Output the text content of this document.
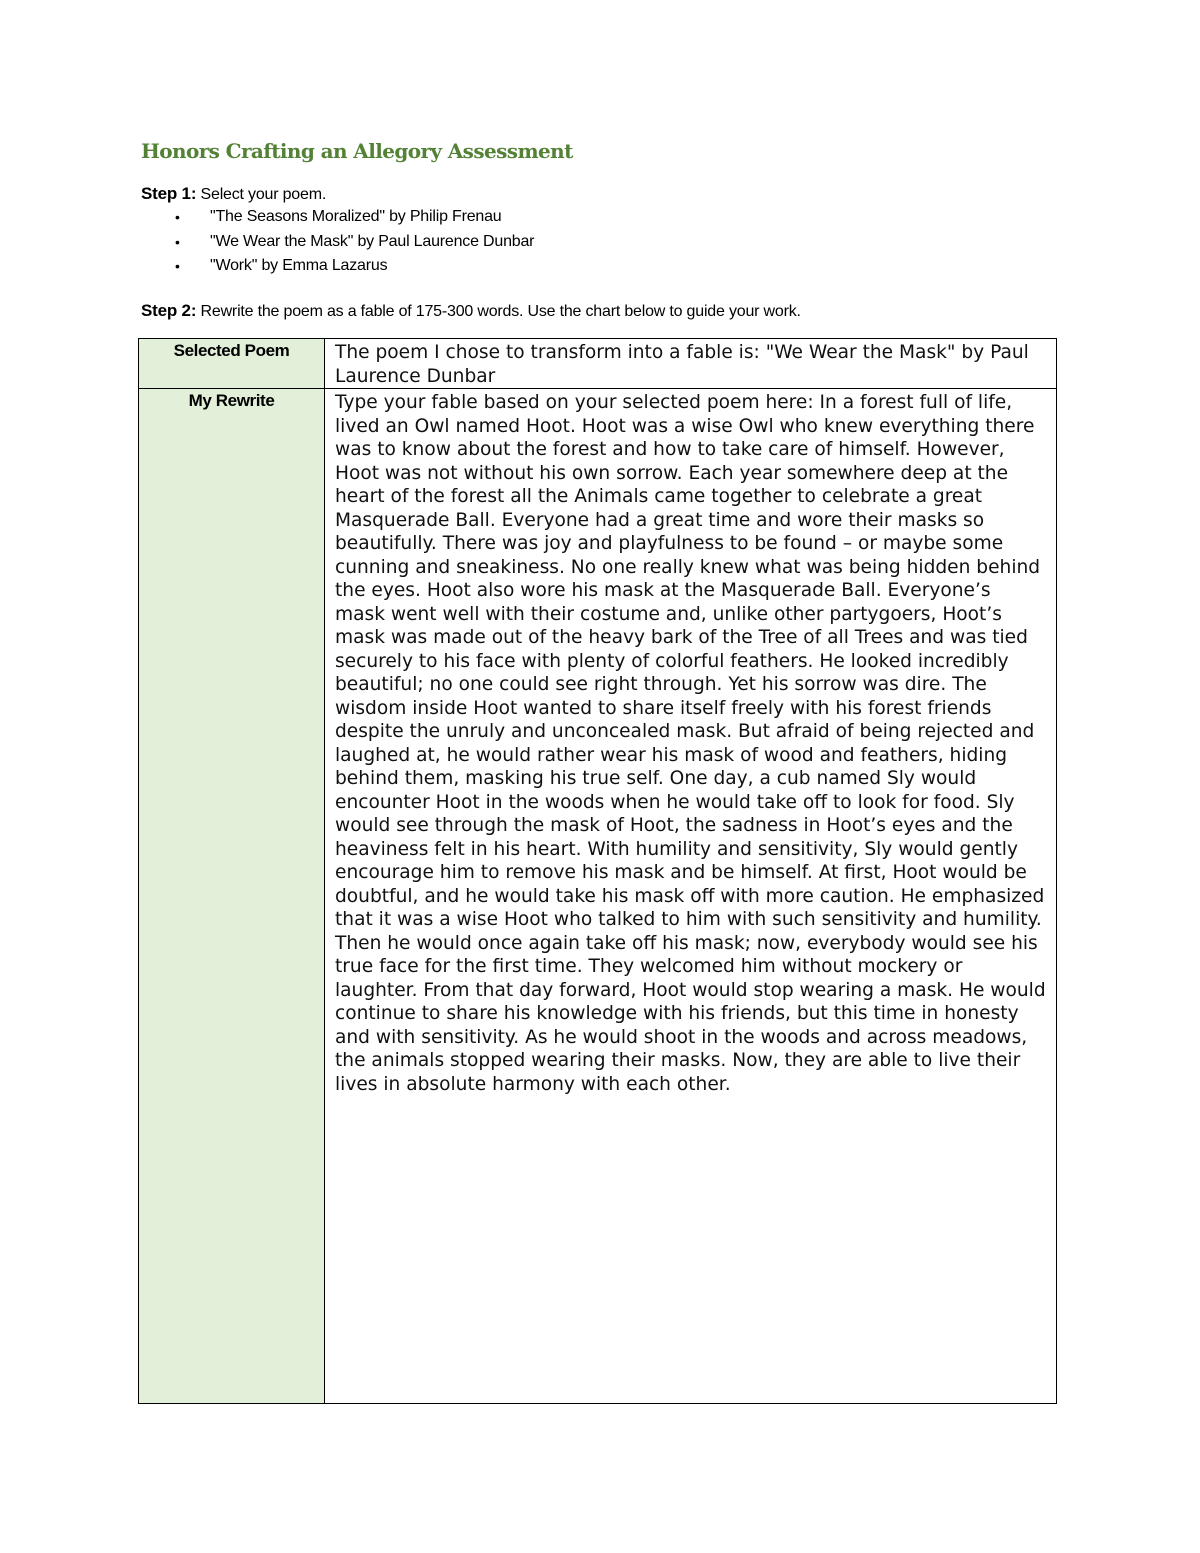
Honors Crafting an Allegory Assessment
Step 1: Select your poem.
• "The Seasons Moralized" by Philip Frenau
• "We Wear the Mask" by Paul Laurence Dunbar
• "Work" by Emma Lazarus
Step 2: Rewrite the poem as a fable of 175-300 words. Use the chart below to guide your work.
Selected Poem	The poem I chose to transform into a fable is: "We Wear the Mask" by Paul Laurence Dunbar
My Rewrite	Type your fable based on your selected poem here: In a forest full of life, lived an Owl named Hoot. Hoot was a wise Owl who knew everything there was to know about the forest and how to take care of himself. However, Hoot was not without his own sorrow. Each year somewhere deep at the heart of the forest all the Animals came together to celebrate a great Masquerade Ball. Everyone had a great time and wore their masks so beautifully. There was joy and playfulness to be found – or maybe some cunning and sneakiness. No one really knew what was being hidden behind the eyes. Hoot also wore his mask at the Masquerade Ball. Everyone’s mask went well with their costume and, unlike other partygoers, Hoot’s mask was made out of the heavy bark of the Tree of all Trees and was tied securely to his face with plenty of colorful feathers. He looked incredibly beautiful; no one could see right through. Yet his sorrow was dire. The wisdom inside Hoot wanted to share itself freely with his forest friends despite the unruly and unconcealed mask. But afraid of being rejected and laughed at, he would rather wear his mask of wood and feathers, hiding behind them, masking his true self. One day, a cub named Sly would encounter Hoot in the woods when he would take off to look for food. Sly would see through the mask of Hoot, the sadness in Hoot’s eyes and the heaviness felt in his heart. With humility and sensitivity, Sly would gently encourage him to remove his mask and be himself. At first, Hoot would be doubtful, and he would take his mask off with more caution. He emphasized that it was a wise Hoot who talked to him with such sensitivity and humility. Then he would once again take off his mask; now, everybody would see his true face for the first time. They welcomed him without mockery or laughter. From that day forward, Hoot would stop wearing a mask. He would continue to share his knowledge with his friends, but this time in honesty and with sensitivity. As he would shoot in the woods and across meadows, the animals stopped wearing their masks. Now, they are able to live their lives in absolute harmony with each other.
